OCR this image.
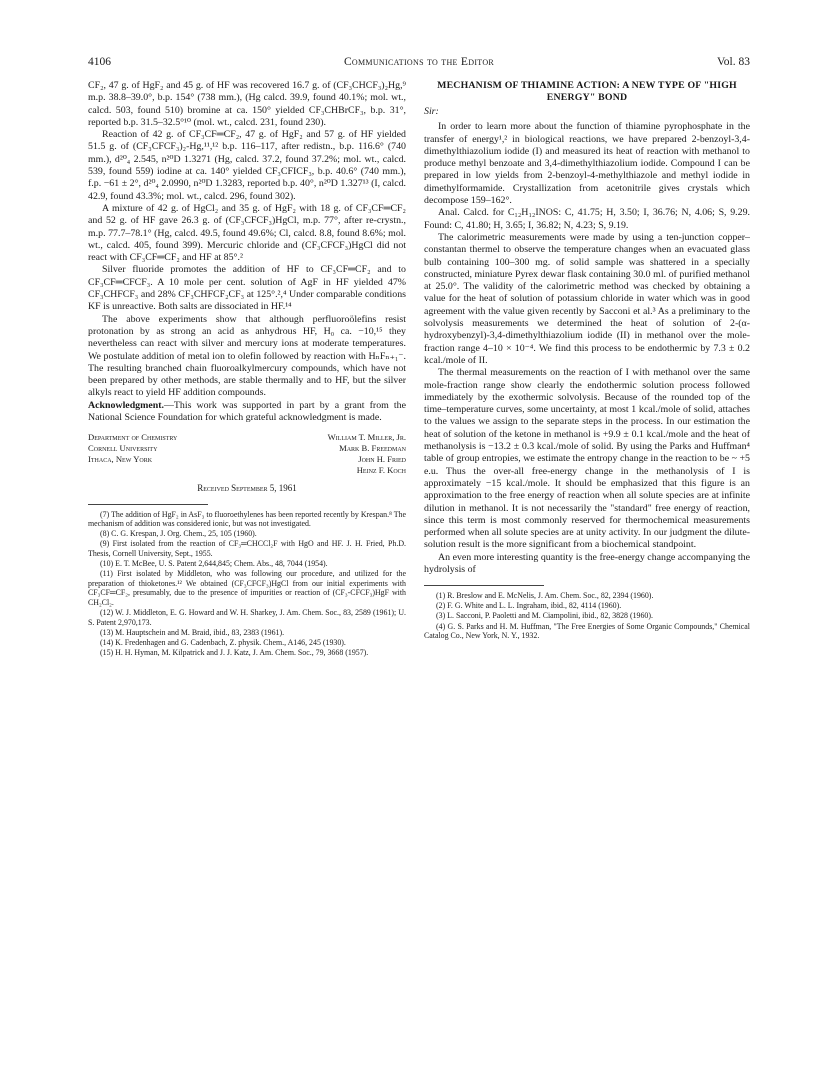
4106	Communications to the Editor	Vol. 83

CF₂, 47 g. of HgF₂ and 45 g. of HF was recovered 16.7 g. of (CF₃CHCF₃)₂Hg,⁹ m.p. 38.8–39.0°, b.p. 154° (738 mm.), (Hg calcd. 39.9, found 40.1%; mol. wt., calcd. 503, found 510) bromine at ca. 150° yielded CF₃CHBrCF₃, b.p. 31°, reported b.p. 31.5–32.5°¹⁰ (mol. wt., calcd. 231, found 230).

Reaction of 42 g. of CF₃CF═CF₂, 47 g. of HgF₂ and 57 g. of HF yielded 51.5 g. of (CF₃CFCF₃)₂-Hg,¹¹,¹² b.p. 116–117, after redistn., b.p. 116.6° (740 mm.), d²⁰₄ 2.545, n²⁰D 1.3271 (Hg, calcd. 37.2, found 37.2%; mol. wt., calcd. 539, found 559) iodine at ca. 140° yielded CF₃CFICF₃, b.p. 40.6° (740 mm.), f.p. −61 ± 2°, d²⁰₄ 2.0990, n²⁰D 1.3283, reported b.p. 40°, n²⁰D 1.327¹³ (I, calcd. 42.9, found 43.3%; mol. wt., calcd. 296, found 302).

A mixture of 42 g. of HgCl₂ and 35 g. of HgF₂ with 18 g. of CF₃CF═CF₂ and 52 g. of HF gave 26.3 g. of (CF₃CFCF₃)HgCl, m.p. 77°, after re-crystn., m.p. 77.7–78.1° (Hg, calcd. 49.5, found 49.6%; Cl, calcd. 8.8, found 8.6%; mol. wt., calcd. 405, found 399). Mercuric chloride and (CF₃CFCF₃)HgCl did not react with CF₃CF═CF₂ and HF at 85°.²

Silver fluoride promotes the addition of HF to CF₃CF═CF₂ and to CF₃CF═CFCF₃. A 10 mole per cent. solution of AgF in HF yielded 47% CF₃CHFCF₃ and 28% CF₃CHFCF₂CF₃ at 125°.²,⁴ Under comparable conditions KF is unreactive. Both salts are dissociated in HF.¹⁴

The above experiments show that although perfluoroölefins resist protonation by as strong an acid as anhydrous HF, H₀ ca. −10,¹⁵ they nevertheless can react with silver and mercury ions at moderate temperatures. We postulate addition of metal ion to olefin followed by reaction with HₙFₙ₊₁⁻. The resulting branched chain fluoroalkylmercury compounds, which have not been prepared by other methods, are stable thermally and to HF, but the silver alkyls react to yield HF addition compounds.

Acknowledgment.—This work was supported in part by a grant from the National Science Foundation for which grateful acknowledgment is made.

Department of Chemistry
Cornell University
Ithaca, New York
William T. Miller, Jr.
Mark B. Freedman
John H. Fried
Heinz F. Koch
Received September 5, 1961

(7) The addition of HgF₂ in AsF₃ to fluoroethylenes has been reported recently by Krespan.⁸ The mechanism of addition was considered ionic, but was not investigated.

(8) C. G. Krespan, J. Org. Chem., 25, 105 (1960).

(9) First isolated from the reaction of CF₃═CHCCl₂F with HgO and HF. J. H. Fried, Ph.D. Thesis, Cornell University, Sept., 1955.

(10) E. T. McBee, U. S. Patent 2,644,845; Chem. Abs., 48, 7044 (1954).

(11) First isolated by Middleton, who was following our procedure, and utilized for the preparation of thioketones.¹² We obtained (CF₃CFCF₃)HgCl from our initial experiments with CF₃CF═CF₂, presumably, due to the presence of impurities or reaction of (CF₃-CFCF₃)HgF with CH₂Cl₂.

(12) W. J. Middleton, E. G. Howard and W. H. Sharkey, J. Am. Chem. Soc., 83, 2589 (1961); U. S. Patent 2,970,173.

(13) M. Hauptschein and M. Braid, ibid., 83, 2383 (1961).

(14) K. Fredenhagen and G. Cadenbach, Z. physik. Chem., A146, 245 (1930).

(15) H. H. Hyman, M. Kilpatrick and J. J. Katz, J. Am. Chem. Soc., 79, 3668 (1957).

MECHANISM OF THIAMINE ACTION: A NEW TYPE OF "HIGH ENERGY" BOND
Sir:

In order to learn more about the function of thiamine pyrophosphate in the transfer of energy¹,² in biological reactions, we have prepared 2-benzoyl-3,4-dimethylthiazolium iodide (I) and measured its heat of reaction with methanol to produce methyl benzoate and 3,4-dimethylthiazolium iodide. Compound I can be prepared in low yields from 2-benzoyl-4-methylthiazole and methyl iodide in dimethylformamide. Crystallization from acetonitrile gives crystals which decompose 159–162°.

Anal. Calcd. for C₁₂H₁₂INOS: C, 41.75; H, 3.50; I, 36.76; N, 4.06; S, 9.29. Found: C, 41.80; H, 3.65; I, 36.82; N, 4.23; S, 9.19.

The calorimetric measurements were made by using a ten-junction copper–constantan thermel to observe the temperature changes when an evacuated glass bulb containing 100–300 mg. of solid sample was shattered in a specially constructed, miniature Pyrex dewar flask containing 30.0 ml. of purified methanol at 25.0°. The validity of the calorimetric method was checked by obtaining a value for the heat of solution of potassium chloride in water which was in good agreement with the value given recently by Sacconi et al.³ As a preliminary to the solvolysis measurements we determined the heat of solution of 2-(α-hydroxybenzyl)-3,4-dimethylthiazolium iodide (II) in methanol over the mole-fraction range 4–10 × 10⁻⁴. We find this process to be endothermic by 7.3 ± 0.2 kcal./mole of II.

The thermal measurements on the reaction of I with methanol over the same mole-fraction range show clearly the endothermic solution process followed immediately by the exothermic solvolysis. Because of the rounded top of the time–temperature curves, some uncertainty, at most 1 kcal./mole of solid, attaches to the values we assign to the separate steps in the process. In our estimation the heat of solution of the ketone in methanol is +9.9 ± 0.1 kcal./mole and the heat of methanolysis is −13.2 ± 0.3 kcal./mole of solid. By using the Parks and Huffman⁴ table of group entropies, we estimate the entropy change in the reaction to be ~ +5 e.u. Thus the over-all free-energy change in the methanolysis of I is approximately −15 kcal./mole. It should be emphasized that this figure is an approximation to the free energy of reaction when all solute species are at infinite dilution in methanol. It is not necessarily the "standard" free energy of reaction, since this term is most commonly reserved for thermochemical measurements performed when all solute species are at unity activity. In our judgment the dilute-solution result is the more significant from a biochemical standpoint.

An even more interesting quantity is the free-energy change accompanying the hydrolysis of

(1) R. Breslow and E. McNelis, J. Am. Chem. Soc., 82, 2394 (1960).

(2) F. G. White and L. L. Ingraham, ibid., 82, 4114 (1960).

(3) L. Sacconi, P. Paoletti and M. Ciampolini, ibid., 82, 3828 (1960).

(4) G. S. Parks and H. M. Huffman, "The Free Energies of Some Organic Compounds," Chemical Catalog Co., New York, N. Y., 1932.
